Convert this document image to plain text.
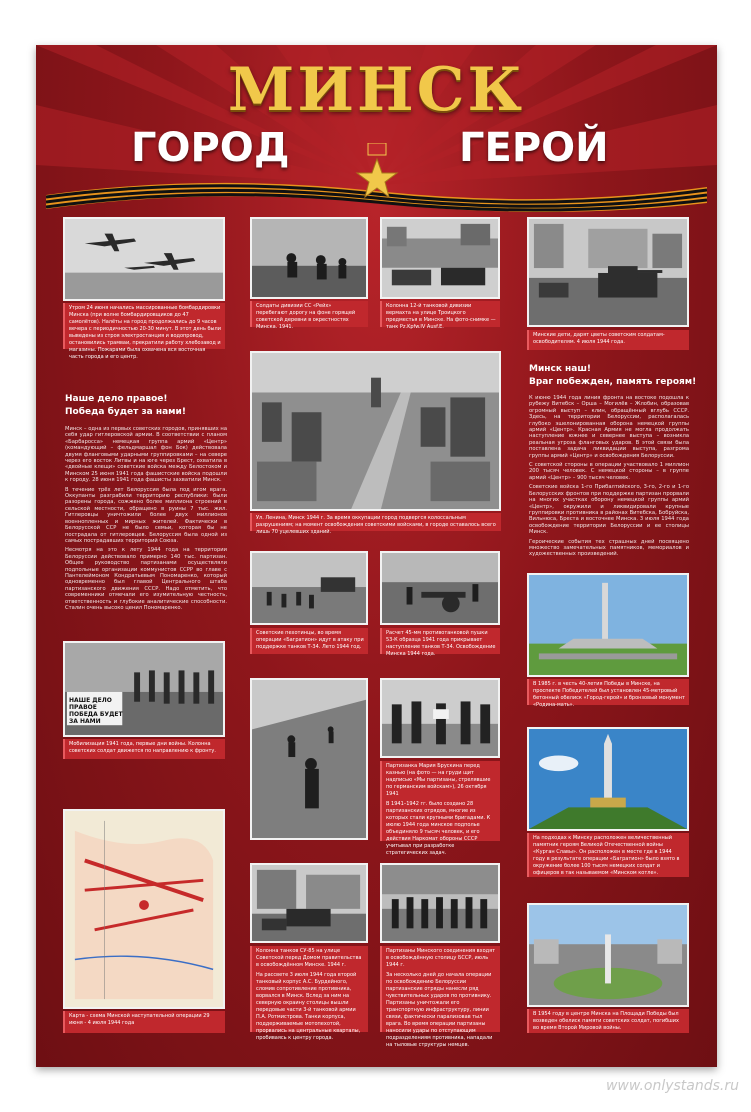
МИНСК
ГОРОД	ГЕРОЙ
Утром 24 июня начались массированные бомбардировки Минска (при волне бомбардировщиков до 47 самолётов). Налёты на город продолжались до 9 часов вечера с периодичностью 20-30 минут. В этот день были выведены из строя электростанция и водопровод, остановились трамваи, прекратили работу хлебозавод и магазины. Пожарами была охвачена вся восточная часть города и его центр.
Солдаты дивизии СС «Рейх» перебегают дорогу на фоне горящей советской деревни в окрестностях Минска. 1941.
Колонна 12-й танковой дивизии вермахта на улице Троицкого предместья в Минске. На фото-снимке — танк Pz.Kpfw.IV Ausf.E.
Минские дети, дарят цветы советским солдатам-освободителям. 4 июля 1944 года.
Наше дело правое!
Победа будет за нами!

Минск – одна из первых советских городов, принявших на себя удар гитлеровской армии. В соответствии с планом «Барбаросса» немецкая группа армий «Центр» (командующий – фельдмаршал фон Бок) действовала двумя фланговыми ударными группировками – на севере через его восток Литвы и на юге через Брест, охватила в «двойные клещи» советские войска между Белостоком и Минском 25 июня 1941 года фашистские войска подошли к городу. 28 июня 1941 года фашисты захватили Минск.

В течение трёх лет Белоруссия была под игом врага. Оккупанты разграбили территорию республики: были разорены города, сожжено более миллиона строений в сельской местности, обращено в руины 7 тыс. жил. Гитлеровцы уничтожили более двух миллионов военнопленных и мирных жителей. Фактически в Белорусской ССР не было семьи, которая бы не пострадала от гитлеровцев. Белоруссия была одной из самых пострадавших территорий Союза.

Несмотря на это к лету 1944 года на территории Белоруссии действовало примерно 140 тыс. партизан. Общее руководство партизанами осуществляли подпольные организации коммунистов ССРР во главе с Пантелеймоном Кондратьевым Пономаренко, который одновременно был главой Центрального штаба партизанского движения СССР. Надо отметить, что современники отмечали его изумительную честность, ответственность и глубокие аналитические способности. Сталин очень высоко ценил Пономаренко.

Ул. Ленина, Минск 1944 г. За время оккупации город подвергся колоссальным разрушениям; на момент освобождения советскими войсками, в городе оставалось всего лишь 70 уцелевших зданий.
Минск наш!
Враг побежден, память героям!

К июню 1944 года линия фронта на востоке подошла к рубежу Витебск – Орша – Могилёв – Жлобин, образовав огромный выступ – клин, обращённый вглубь СССР. Здесь, на территории Белоруссии, располагалась глубоко эшелонированная оборона немецкой группы армий «Центр». Красная Армия не могла продолжать наступление южнее и севернее выступа – возникла реальная угроза фланговых ударов. В этой связи была поставлена задача ликвидации выступа, разгрома группы армий «Центр» и освобождения Белоруссии.

С советской стороны в операции участвовало 1 миллион 200 тысяч человек. С немецкой стороны – в группе армий «Центр» – 900 тысяч человек.

Советские войска 1-го Прибалтийского, 3-го, 2-го и 1-го Белорусских фронтов при поддержке партизан прорвали на многих участках оборону немецкой группы армий «Центр», окружили и ликвидировали крупные группировки противника в районах Витебска, Бобруйска, Вильнюса, Бреста и восточнее Минска. 3 июля 1944 года освобождение территории Белоруссии и ее столицы Минск.

Героические события тех страшных дней посвящено множество замечательных памятников, мемориалов и художественных произведений.

Советские пехотинцы, во время операции «Багратион» идут в атаку при поддержке танков Т-34. Лето 1944 год.
Расчет 45-мм противотанковой пушки 53-К образца 1941 года прикрывает наступление танков Т-34. Освобождение Минска 1944 года.
НАШЕ ДЕЛО ПРАВОЕ
ПОБЕДА БУДЕТ ЗА НАМИ
Мобилизация 1941 года, первые дни войны. Колонна советских солдат движется по направлению к фронту.
Партизанка Мария Брускина перед казнью (на фото — на груди щит надписью «Мы партизаны, стрелявшие по германским войскам»), 26 октября 1941
В 1941–1942 гг. было создано 28 партизанских отрядов, многие из которых стали крупными бригадами. К июлю 1944 года минское подполье объединяло 9 тысяч человек, и его действия Наркомат обороны СССР учитывал при разработке стратегических задач.
В 1985 г. в честь 40-летия Победы в Минске, на проспекте Победителей был установлен 45-метровый бетонный обелиск «Город-герой» и бронзовый монумент «Родина-мать».
На подходах к Минску расположен величественный памятник героям Великой Отечественной войны «Курган Славы». Он расположен в месте где в 1944 году в результате операции «Багратион» было взято в окружение более 100 тысяч немецких солдат и офицеров в так называемом «Минском котле».
Карта - схема Минской наступательной операции 29 июня - 4 июля 1944 года
Колонна танков СУ-85 на улице Советской перед Домом правительства в освобождённом Минске. 1944 г.
На рассвете 3 июля 1944 года второй танковый корпус А.С. Бурдейного, сломив сопротивление противника, ворвался в Минск. Вслед за ним на северную окраину столицы вышли передовые части 3-й танковой армии П.А. Ротмистрова. Танки корпуса, поддерживаемые мотопехотой, прорвались на центральные кварталы, пробиваясь к центру города.
Партизаны Минского соединения входят в освобождённую столицу БССР, июль 1944 г.
За несколько дней до начала операции по освобождению Белоруссии партизанские отряды нанесли ряд чувствительных ударов по противнику. Партизаны уничтожали его транспортную инфраструктуру, линии связи, фактически парализовав тыл врага. Во время операции партизаны наносили удары по отступающим подразделениям противника, нападали на тыловые структуры немцев.
В 1954 году в центре Минска на Площади Победы был возведен обелиск памяти советских солдат, погибших во время Второй Мировой войны.
www.onlystands.ru
